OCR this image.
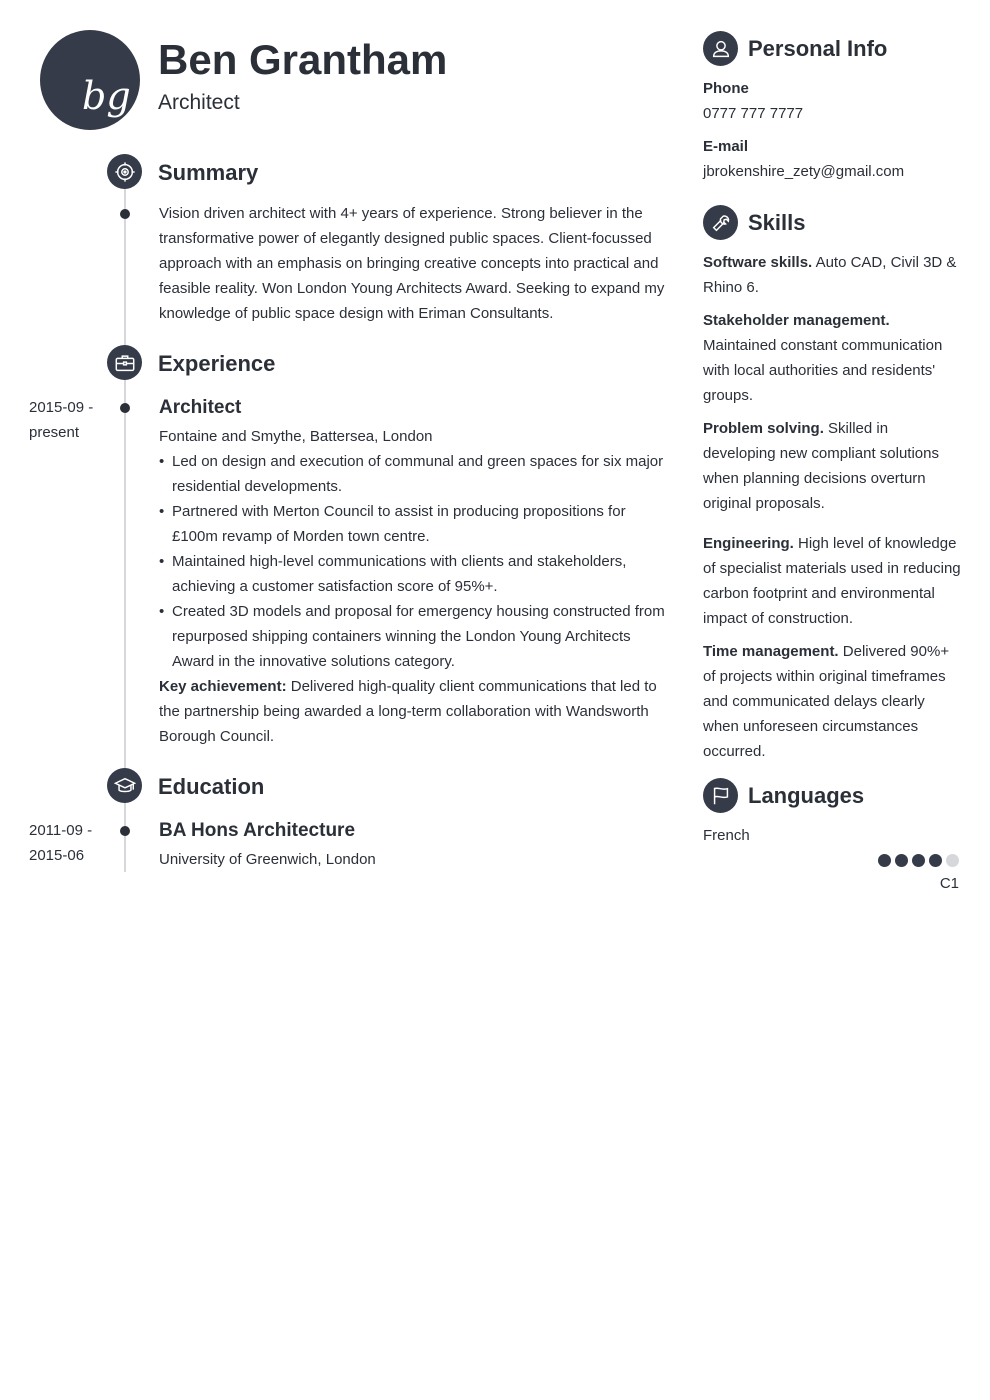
bg
Ben Grantham
Architect
Summary
Vision driven architect with 4+ years of experience. Strong believer in the transformative power of elegantly designed public spaces. Client-focussed approach with an emphasis on bringing creative concepts into practical and feasible reality. Won London Young Architects Award. Seeking to expand my knowledge of public space design with Eriman Consultants.
Experience
2015-09 -
present
Architect
Fontaine and Smythe, Battersea, London
• Led on design and execution of communal and green spaces for six major residential developments.
• Partnered with Merton Council to assist in producing propositions for £100m revamp of Morden town centre.
• Maintained high-level communications with clients and stakeholders, achieving a customer satisfaction score of 95%+.
• Created 3D models and proposal for emergency housing constructed from repurposed shipping containers winning the London Young Architects Award in the innovative solutions category.
Key achievement: Delivered high-quality client communications that led to the partnership being awarded a long-term collaboration with Wandsworth Borough Council.
Education
2011-09 -
2015-06
BA Hons Architecture
University of Greenwich, London
Personal Info
Phone
0777 777 7777
E-mail
jbrokenshire_zety@gmail.com
Skills
Software skills. Auto CAD, Civil 3D & Rhino 6.
Stakeholder management. Maintained constant communication with local authorities and residents' groups.
Problem solving. Skilled in developing new compliant solutions when planning decisions overturn original proposals.
Engineering. High level of knowledge of specialist materials used in reducing carbon footprint and environmental impact of construction.
Time management. Delivered 90%+ of projects within original timeframes and communicated delays clearly when unforeseen circumstances occurred.
Languages
French
C1
